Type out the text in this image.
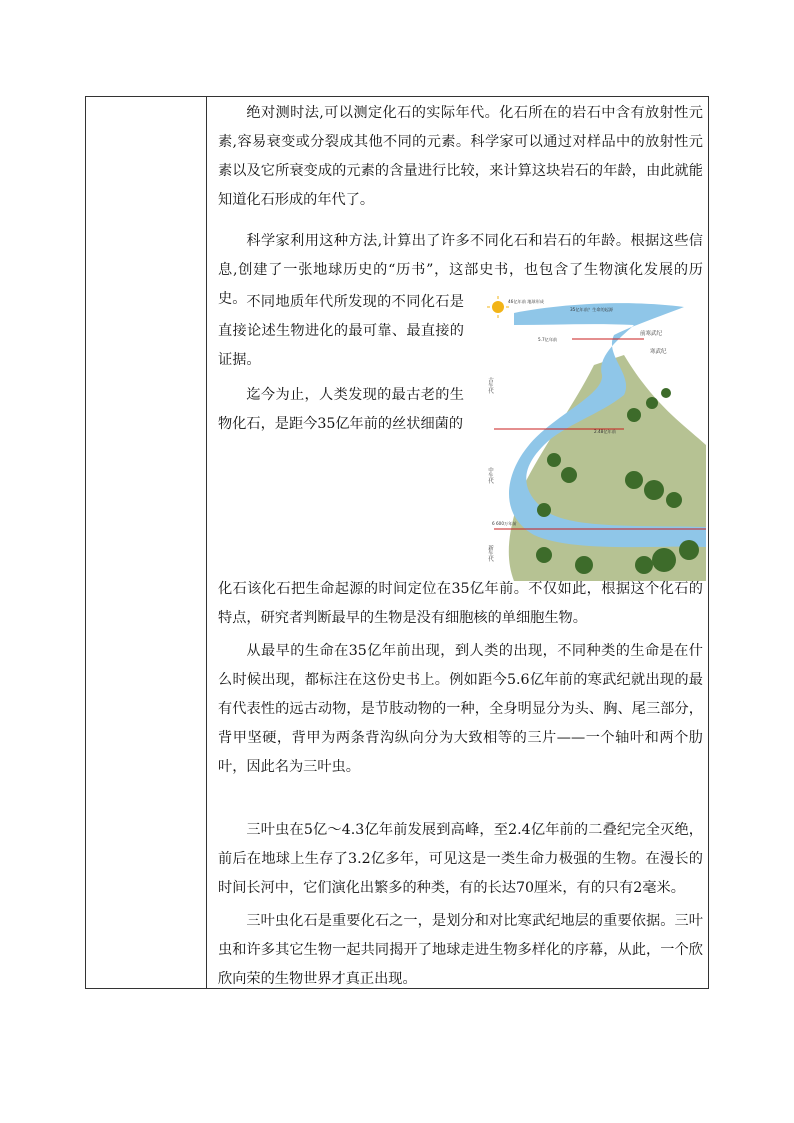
绝对测时法,可以测定化石的实际年代。化石所在的岩石中含有放射性元素,容易衰变或分裂成其他不同的元素。科学家可以通过对样品中的放射性元素以及它所衰变成的元素的含量进行比较，来计算这块岩石的年龄，由此就能知道化石形成的年代了。

科学家利用这种方法,计算出了许多不同化石和岩石的年龄。根据这些信息,创建了一张地球历史的“历书”，这部史书，也包含了生物演化发展的历史。 不同地质年代所发现的不同化石是直接论述生物进化的最可靠、最直接的证据。

迄今为止，人类发现的最古老的生物化石，是距今35亿年前的丝状细菌的

化石该化石把生命起源的时间定位在35亿年前。不仅如此，根据这个化石的特点，研究者判断最早的生物是没有细胞核的单细胞生物。

从最早的生命在35亿年前出现，到人类的出现，不同种类的生命是在什么时候出现，都标注在这份史书上。例如距今5.6亿年前的寒武纪就出现的最有代表性的远古动物，是节肢动物的一种，全身明显分为头、胸、尾三部分，背甲坚硬，背甲为两条背沟纵向分为大致相等的三片——一个轴叶和两个肋叶，因此名为三叶虫。

三叶虫在5亿～4.3亿年前发展到高峰，至2.4亿年前的二叠纪完全灭绝，前后在地球上生存了3.2亿多年，可见这是一类生命力极强的生物。在漫长的时间长河中，它们演化出繁多的种类，有的长达70厘米，有的只有2毫米。

三叶虫化石是重要化石之一，是划分和对比寒武纪地层的重要依据。三叶虫和许多其它生物一起共同揭开了地球走进生物多样化的序幕，从此，一个欣欣向荣的生物世界才真正出现。

46亿年前 地球形成
35亿年前？生命的起源
前寒武纪
寒武纪
5.7亿年前
2.48亿年前
6 600万年前
古生代
中生代
新生代
